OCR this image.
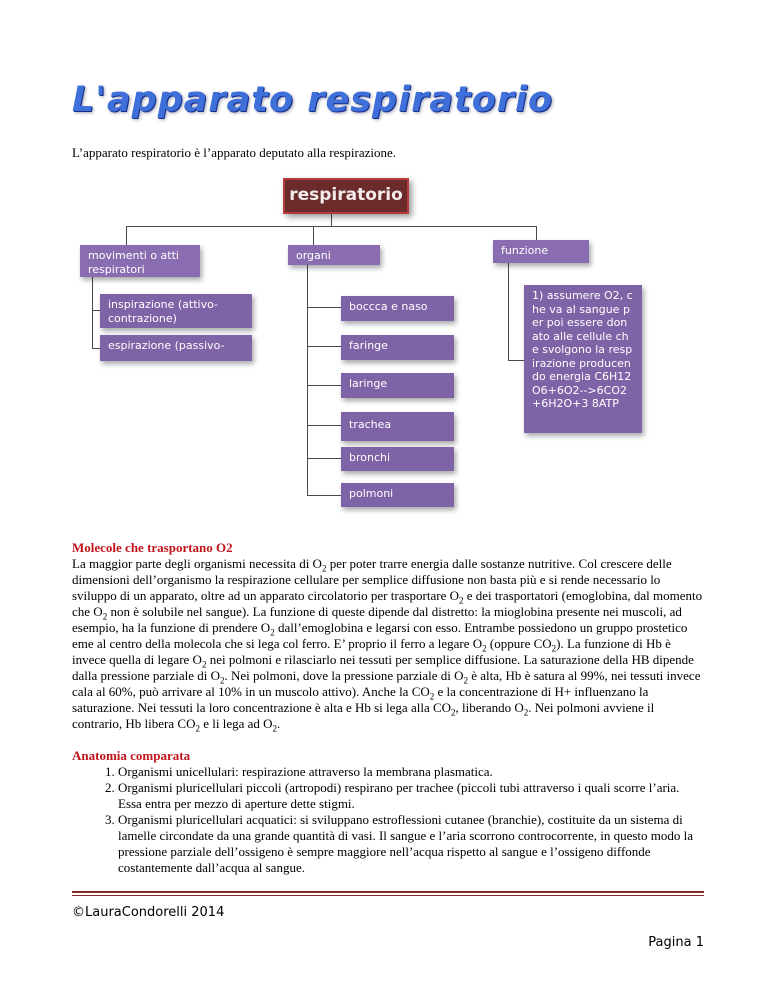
L'apparato respiratorio
L’apparato respiratorio è l’apparato deputato alla respirazione.
respiratorio
movimenti o atti respiratori
organi	funzione
inspirazione (attivo-contrazione)
espirazione (passivo-
boccca e naso
faringe
laringe
trachea
bronchi
polmoni
1) assumere O2, che va al sangue per poi essere donato alle cellule che svolgono la respirazione producendo energia C6H12O6+6O2-->6CO2+6H2O+3 8ATP

Molecole che trasportano O2

La maggior parte degli organismi necessita di $O_2$ per poter trarre energia dalle sostanze nutritive. Col crescere delle dimensioni dell’organismo la respirazione cellulare per semplice diffusione non basta più e si rende necessario lo sviluppo di un apparato, oltre ad un apparato circolatorio per trasportare $O_2$ e dei trasportatori (emoglobina, dal momento che $O_2$ non è solubile nel sangue). La funzione di queste dipende dal distretto: la mioglobina presente nei muscoli, ad esempio, ha la funzione di prendere $O_2$ dall’emoglobina e legarsi con esso. Entrambe possiedono un gruppo prostetico eme al centro della molecola che si lega col ferro. E’ proprio il ferro a legare $O_2$ (oppure $CO_2$). La funzione di Hb è invece quella di legare $O_2$ nei polmoni e rilasciarlo nei tessuti per semplice diffusione. La saturazione della HB dipende dalla pressione parziale di $O_2$. Nei polmoni, dove la pressione parziale di $O_2$ è alta, Hb è satura al 99%, nei tessuti invece cala al 60%, può arrivare al 10% in un muscolo attivo). Anche la $CO_2$ e la concentrazione di H+ influenzano la saturazione. Nei tessuti la loro concentrazione è alta e Hb si lega alla $CO_2$, liberando $O_2$. Nei polmoni avviene il contrario, Hb libera $CO_2$ e li lega ad $O_2$.

Anatomia comparata

1. Organismi unicellulari: respirazione attraverso la membrana plasmatica.
2. Organismi pluricellulari piccoli (artropodi) respirano per trachee (piccoli tubi attraverso i quali scorre l’aria. Essa entra per mezzo di aperture dette stigmi.
3. Organismi pluricellulari acquatici: si sviluppano estroflessioni cutanee (branchie), costituite da un sistema di lamelle circondate da una grande quantità di vasi. Il sangue e l’aria scorrono controcorrente, in questo modo la pressione parziale dell’ossigeno è sempre maggiore nell’acqua rispetto al sangue e l’ossigeno diffonde costantemente dall’acqua al sangue.
©LauraCondorelli 2014
Pagina 1
